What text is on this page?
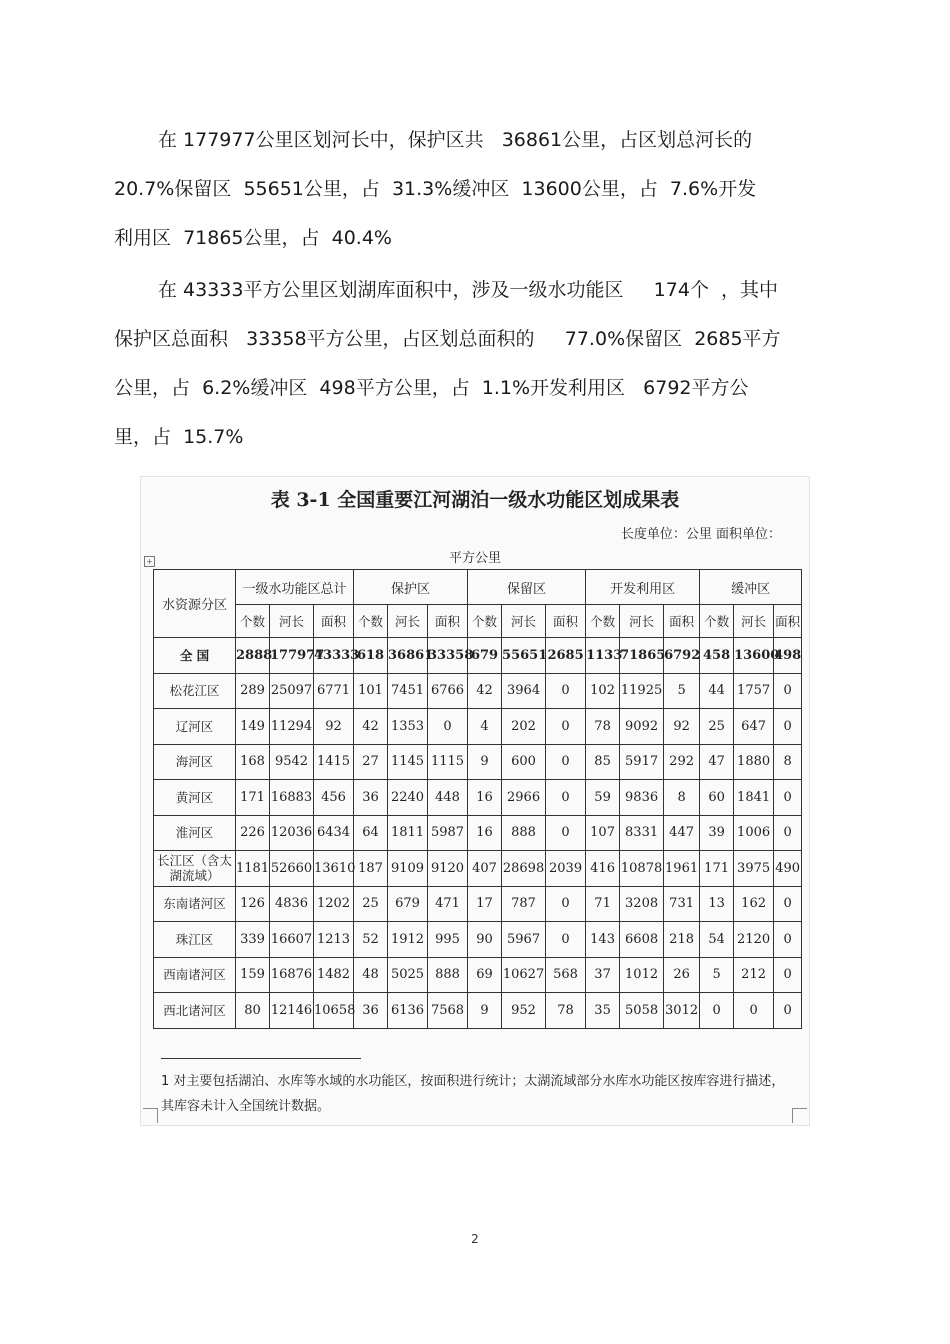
在 177977公里区划河长中，保护区共   36861公里，占区划总河长的
20.7%保留区  55651公里，占  31.3%缓冲区  13600公里，占  7.6%开发
利用区  71865公里，占  40.4%
在 43333平方公里区划湖库面积中，涉及一级水功能区     174个  ，其中
保护区总面积   33358平方公里，占区划总面积的     77.0%保留区  2685平方
公里，占  6.2%缓冲区  498平方公里，占  1.1%开发利用区   6792平方公
里，占  15.7%
表 3-1 全国重要江河湖泊一级水功能区划成果表
长度单位：公里 面积单位：
平方公里
+
水资源分区	一级水功能区总计			保护区			保留区			开发利用区			缓冲区		
	个数	河长	面积	个数	河长	面积	个数	河长	面积	个数	河长	面积	个数	河长	面积
全 国	2888	177977	43333	618	36861	33358	679	55651	2685	1133	71865	6792	458	13600	498
松花江区	289	25097	6771	101	7451	6766	42	3964	0	102	11925	5	44	1757	0
辽河区	149	11294	92	42	1353	0	4	202	0	78	9092	92	25	647	0
海河区	168	9542	1415	27	1145	1115	9	600	0	85	5917	292	47	1880	8
黄河区	171	16883	456	36	2240	448	16	2966	0	59	9836	8	60	1841	0
淮河区	226	12036	6434	64	1811	5987	16	888	0	107	8331	447	39	1006	0
长江区（含太湖流域）	1181	52660	13610	187	9109	9120	407	28698	2039	416	10878	1961	171	3975	490
东南诸河区	126	4836	1202	25	679	471	17	787	0	71	3208	731	13	162	0
珠江区	339	16607	1213	52	1912	995	90	5967	0	143	6608	218	54	2120	0
西南诸河区	159	16876	1482	48	5025	888	69	10627	568	37	1012	26	5	212	0
西北诸河区	80	12146	10658	36	6136	7568	9	952	78	35	5058	3012	0	0	0
1 对主要包括湖泊、水库等水域的水功能区，按面积进行统计；太湖流域部分水库水功能区按库容进行描述，其库容未计入全国统计数据。
2
